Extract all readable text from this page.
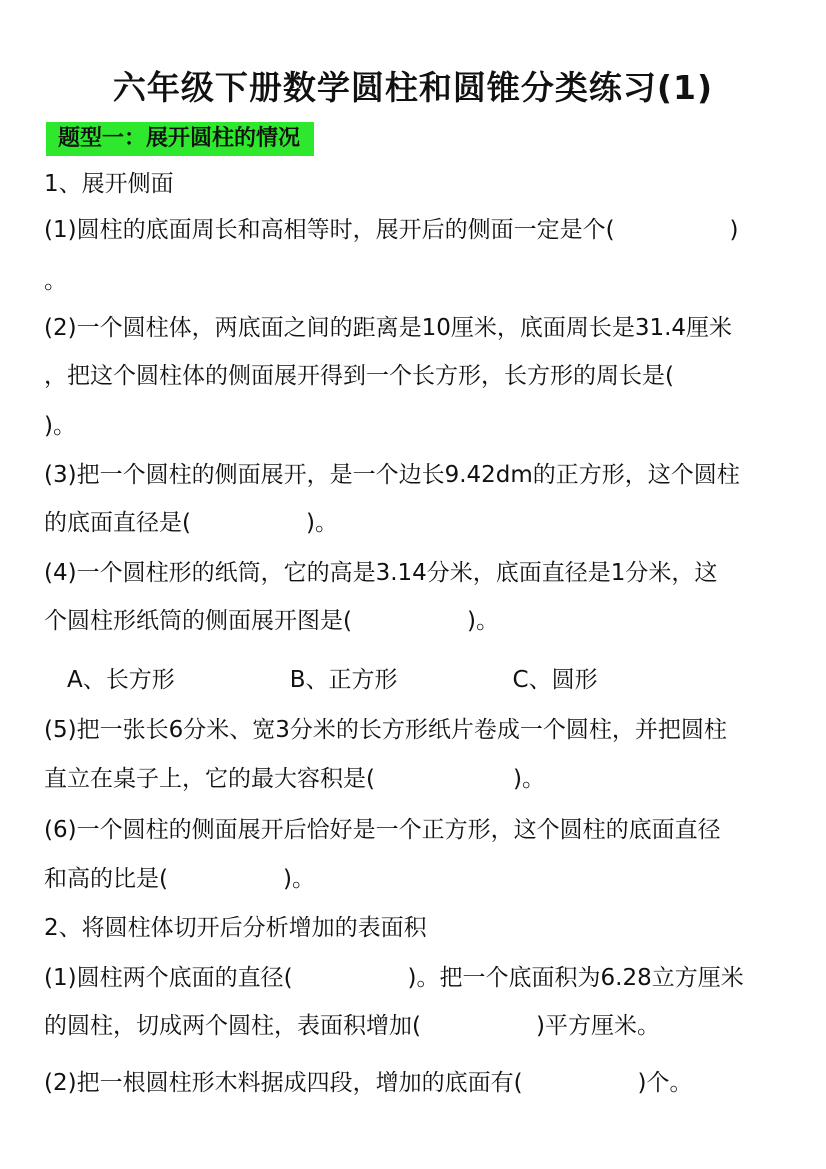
六年级下册数学圆柱和圆锥分类练习(1)
题型一：展开圆柱的情况
1、展开侧面
(1)圆柱的底面周长和高相等时，展开后的侧面一定是个(　　　　　)
。
(2)一个圆柱体，两底面之间的距离是10厘米，底面周长是31.4厘米
，把这个圆柱体的侧面展开得到一个长方形，长方形的周长是(
)。
(3)把一个圆柱的侧面展开，是一个边长9.42dm的正方形，这个圆柱
的底面直径是(　　　　　)。
(4)一个圆柱形的纸筒，它的高是3.14分米，底面直径是1分米，这
个圆柱形纸筒的侧面展开图是(　　　　　)。
　A、长方形　　　　　B、正方形　　　　　C、圆形
(5)把一张长6分米、宽3分米的长方形纸片卷成一个圆柱，并把圆柱
直立在桌子上，它的最大容积是(　　　　　　)。
(6)一个圆柱的侧面展开后恰好是一个正方形，这个圆柱的底面直径
和高的比是(　　　　　)。
2、将圆柱体切开后分析增加的表面积
(1)圆柱两个底面的直径(　　　　　)。把一个底面积为6.28立方厘米
的圆柱，切成两个圆柱，表面积增加(　　　　　)平方厘米。
(2)把一根圆柱形木料据成四段，增加的底面有(　　　　　)个。
